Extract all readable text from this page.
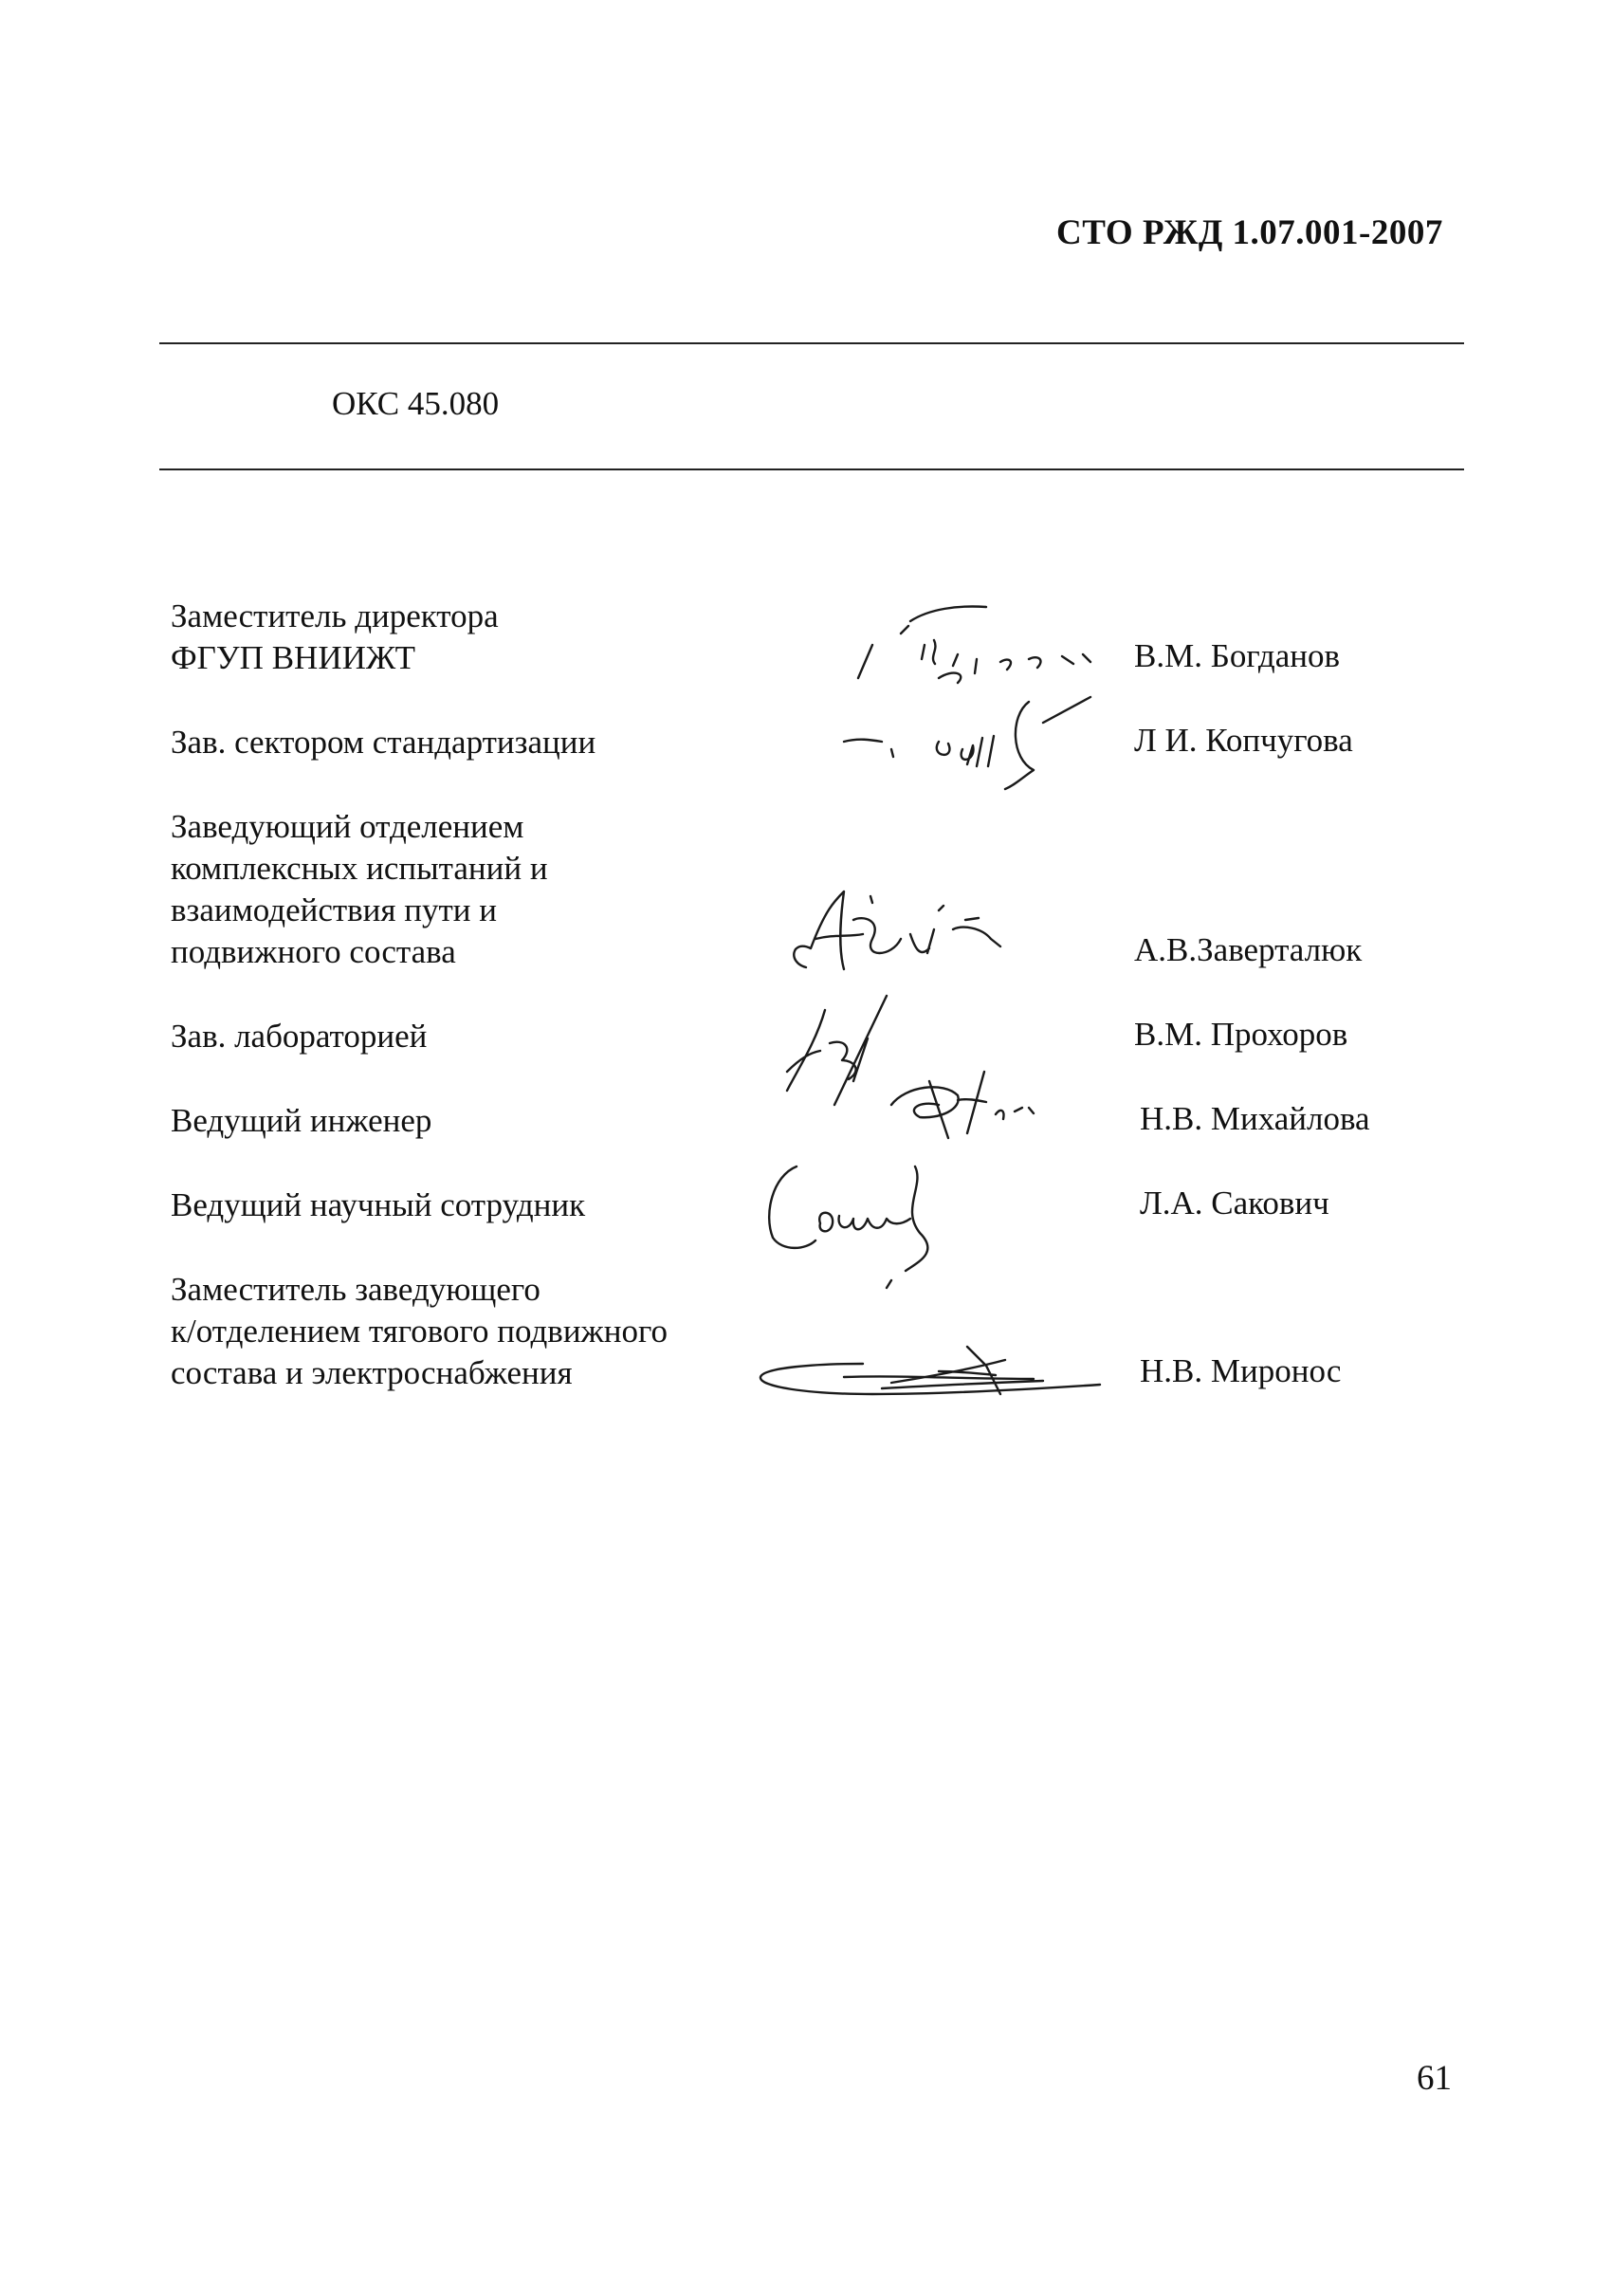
СТО РЖД 1.07.001-2007
ОКС 45.080
Заместитель директора
ФГУП ВНИИЖТ	В.М. Богданов
Зав. сектором стандартизации	Л И. Копчугова
Заведующий отделением
комплексных испытаний и
взаимодействия пути и
подвижного состава	А.В.Заверталюк
Зав. лабораторией	В.М. Прохоров
Ведущий инженер	Н.В. Михайлова
Ведущий научный сотрудник	Л.А. Сакович
Заместитель заведующего
к/отделением тягового подвижного
состава и электроснабжения	Н.В. Миронос
61
